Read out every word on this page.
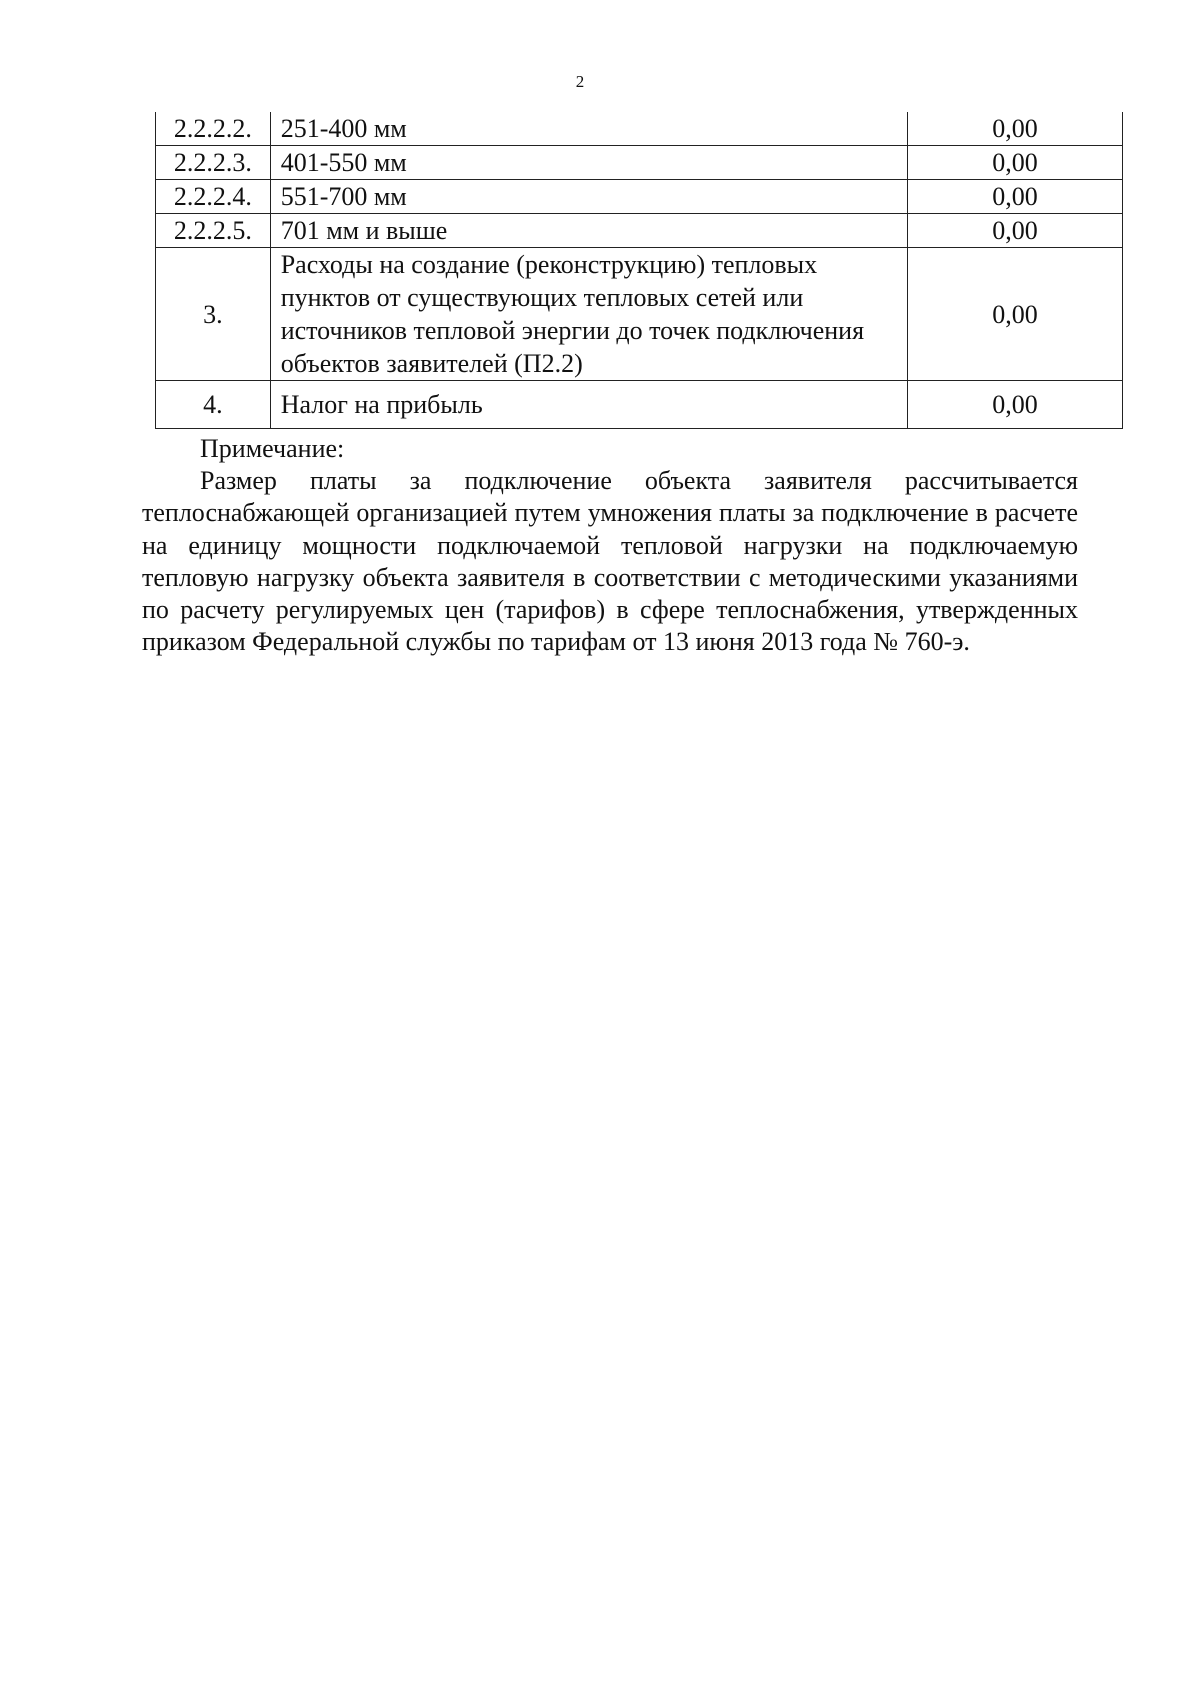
2
2.2.2.2.	251-400 мм	0,00
2.2.2.3.	401-550 мм	0,00
2.2.2.4.	551-700 мм	0,00
2.2.2.5.	701 мм и выше	0,00
3.	Расходы на создание (реконструкцию) тепловых пунктов от существующих тепловых сетей или источников тепловой энергии до точек подключения объектов заявителей (П2.2)	0,00
4.	Налог на прибыль	0,00
Примечание:

Размер платы за подключение объекта заявителя рассчитывается теплоснабжающей организацией путем умножения платы за подключение в расчете на единицу мощности подключаемой тепловой нагрузки на подключаемую тепловую нагрузку объекта заявителя в соответствии с методическими указаниями по расчету регулируемых цен (тарифов) в сфере теплоснабжения, утвержденных приказом Федеральной службы по тарифам от 13 июня 2013 года № 760-э.
